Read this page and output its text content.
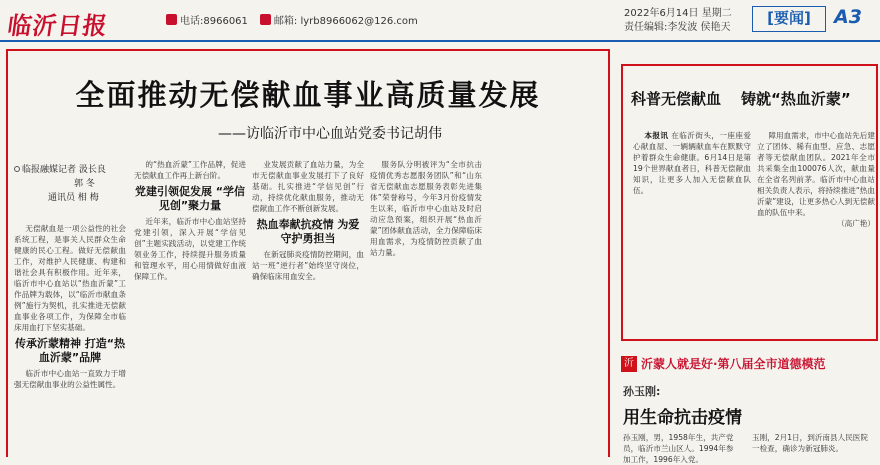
临沂日报	电话:8966061	邮箱: lyrb8966062@126.com
2022年6月14日 星期二
责任编辑:李发波 侯艳天
[要闻]	A3
全面推动无偿献血事业高质量发展
——访临沂市中心血站党委书记胡伟
临报融媒记者 汲长良
郭 冬
通讯员 相 梅

无偿献血是一项公益性的社会系统工程，是事关人民群众生命健康的民心工程。做好无偿献血工作，对维护人民健康、构建和谐社会具有积极作用。近年来，临沂市中心血站以“热血沂蒙”工作品牌为载体，以“临沂市献血条例”施行为契机，扎实推进无偿献血事业各项工作，为保障全市临床用血打下坚实基础。

传承沂蒙精神 打造“热血沂蒙”品牌

临沂市中心血站一直致力于增强无偿献血事业的公益性属性。

的“热血沂蒙”工作品牌，促进无偿献血工作再上新台阶。

党建引领促发展 “学信见创”聚力量

近年来，临沂市中心血站坚持党建引领，深入开展“学信见创”主题实践活动，以党建工作统领业务工作，持续提升服务质量和管理水平，用心用情做好血液保障工作。

业发展贡献了血站力量，为全市无偿献血事业发展打下了良好基础。扎实推进“学信见创”行动，持续优化献血服务，推动无偿献血工作不断创新发展。

热血奉献抗疫情 为爱守护勇担当

在新冠肺炎疫情防控期间，血站一班“逆行者”始终坚守岗位，确保临床用血安全。

服务队分明被评为“全市抗击疫情优秀志愿服务团队”和“山东省无偿献血志愿服务表彰先进集体”荣誉称号，今年3月份疫情发生以来，临沂市中心血站及时启动应急预案，组织开展“热血沂蒙”团体献血活动，全力保障临床用血需求，为疫情防控贡献了血站力量。

科普无偿献血 铸就“热血沂蒙”

本报讯 在临沂街头，一座座爱心献血屋、一辆辆献血车在默默守护着群众生命健康。6月14日是第19个世界献血者日，科普无偿献血知识，让更多人加入无偿献血队伍。

障用血需求，市中心血站先后建立了团体、稀有血型、应急、志愿者等无偿献血团队。2021年全市共采集全血100076人次，献血量在全省名列前茅。临沂市中心血站相关负责人表示，将持续推进“热血沂蒙”建设，让更多热心人到无偿献血的队伍中来。

（高广艳）
沂 沂蒙人就是好·第八届全市道德模范
孙玉刚:
用生命抗击疫情
孙玉刚，男，1958年生，共产党员，临沂市兰山区人。1994年参加工作，1996年入党。
玉刚，2月1日，到沂南县人民医院一检查，确诊为新冠肺炎。
